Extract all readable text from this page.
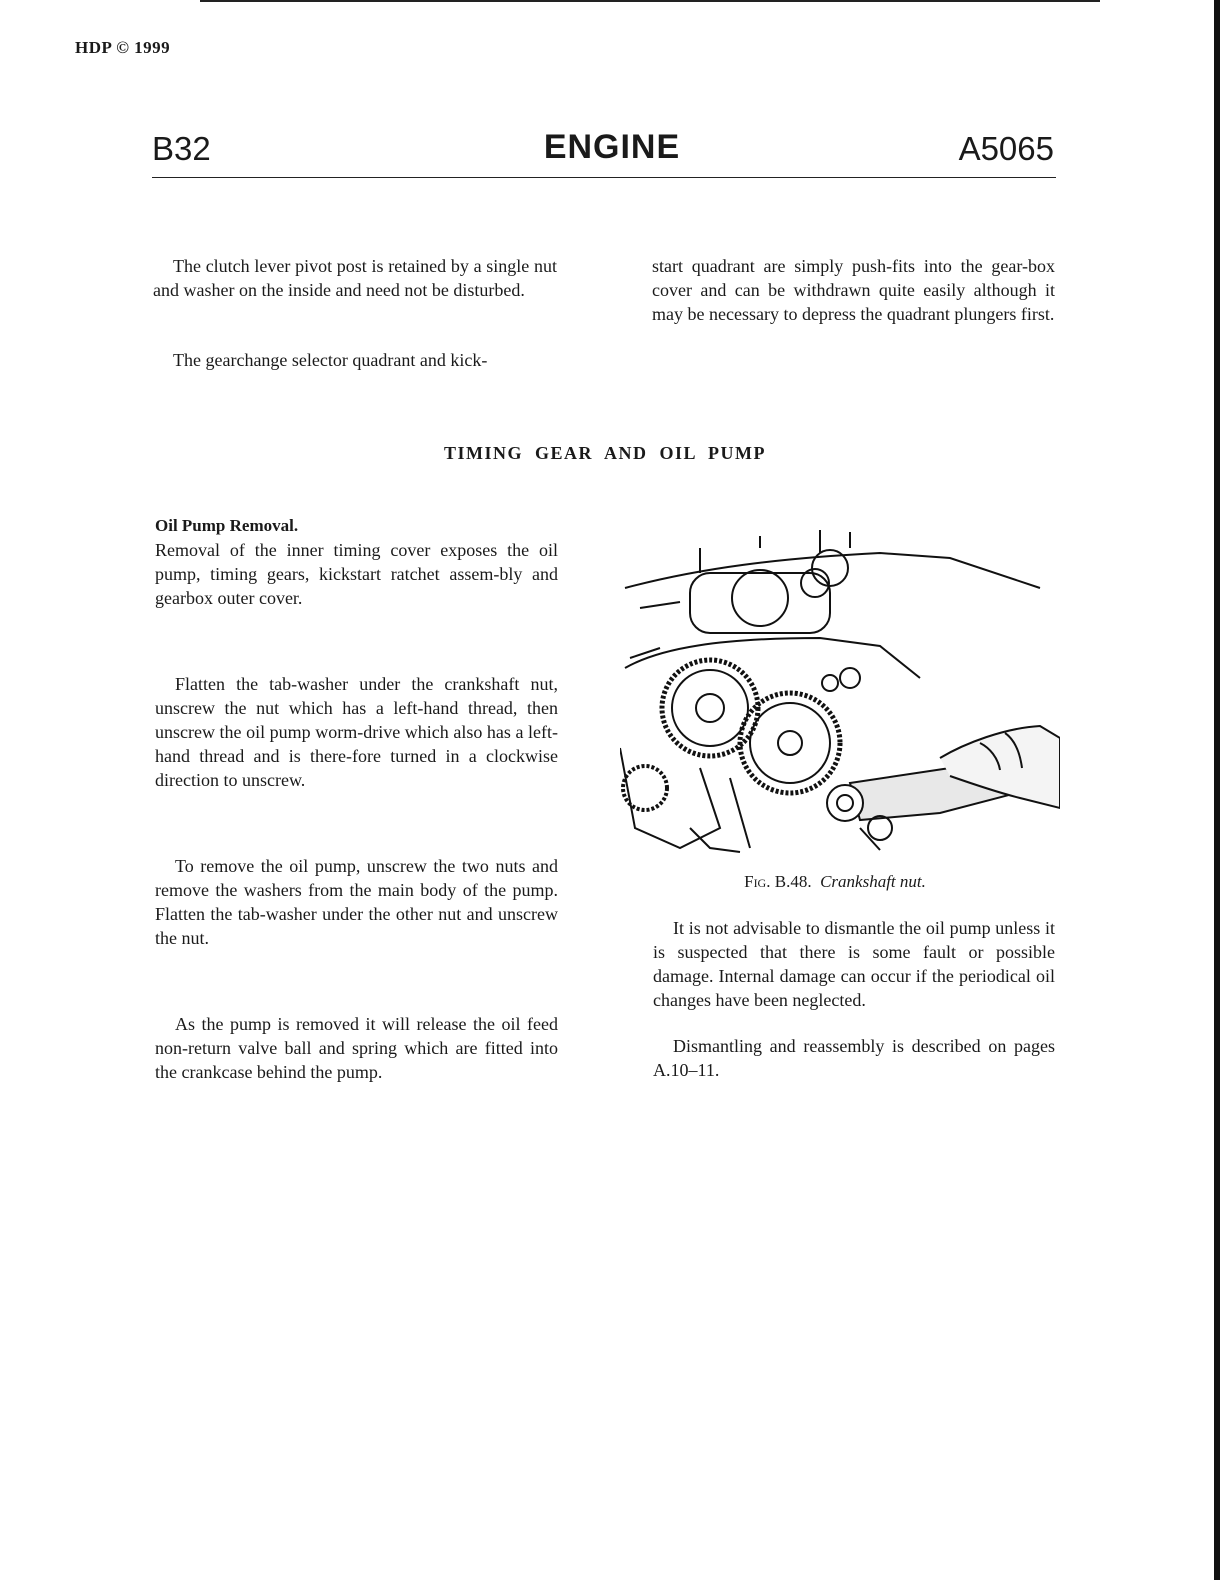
HDP © 1999
B32	ENGINE	A5065

The clutch lever pivot post is retained by a single nut and washer on the inside and need not be disturbed.

The gearchange selector quadrant and kick-

start quadrant are simply push-fits into the gear-box cover and can be withdrawn quite easily although it may be necessary to depress the quadrant plungers first.

TIMING GEAR AND OIL PUMP
Oil Pump Removal.

Removal of the inner timing cover exposes the oil pump, timing gears, kickstart ratchet assem-bly and gearbox outer cover.

Flatten the tab-washer under the crankshaft nut, unscrew the nut which has a left-hand thread, then unscrew the oil pump worm-drive which also has a left-hand thread and is there-fore turned in a clockwise direction to unscrew.

To remove the oil pump, unscrew the two nuts and remove the washers from the main body of the pump. Flatten the tab-washer under the other nut and unscrew the nut.

As the pump is removed it will release the oil feed non-return valve ball and spring which are fitted into the crankcase behind the pump.

Fig. B.48. Crankshaft nut.

It is not advisable to dismantle the oil pump unless it is suspected that there is some fault or possible damage. Internal damage can occur if the periodical oil changes have been neglected.

Dismantling and reassembly is described on pages A.10–11.
